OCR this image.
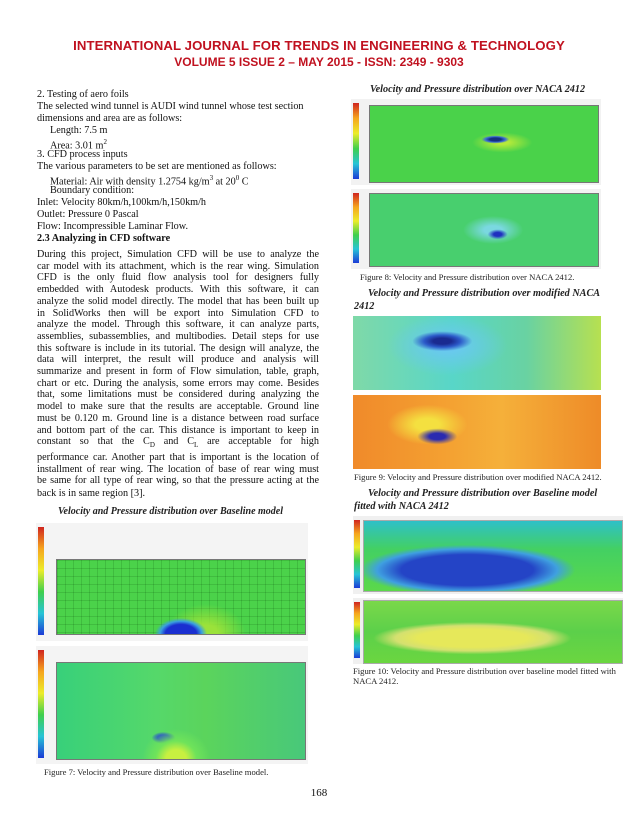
INTERNATIONAL JOURNAL FOR TRENDS IN ENGINEERING & TECHNOLOGY
VOLUME 5 ISSUE 2 – MAY 2015 - ISSN: 2349 - 9303
2. Testing of aero foils
The selected wind tunnel is AUDI wind tunnel whose test section
dimensions and area are as follows:
Length: 7.5 m
Area: 3.01 $m^2$
3. CFD process inputs
The various parameters to be set are mentioned as follows:
Material: Air with density 1.2754 $kg/m^3$ at $20^0$ C
Boundary condition:
Inlet: Velocity 80km/h,100km/h,150km/h
Outlet: Pressure 0 Pascal
Flow: Incompressible Laminar Flow.
2.3 Analyzing in CFD software
During this project, Simulation CFD will be use to analyze the
car model with its attachment, which is the rear wing. Simulation
CFD is the only fluid flow analysis tool for designers fully
embedded with Autodesk products. With this software, it can
analyze the solid model directly. The model that has been built up
in SolidWorks then will be export into Simulation CFD to
analyze the model. Through this software, it can analyze parts,
assemblies, subassemblies, and multibodies. Detail steps for use
this software is include in its tutorial. The design will analyze, the
data will interpret, the result will produce and analysis will
summarize and present in form of Flow simulation, table, graph,
chart or etc. During the analysis, some errors may come. Besides
that, some limitations must be considered during analyzing the
model to make sure that the results are acceptable. Ground line
must be 0.120 m. Ground line is a distance between road surface
and bottom part of the car. This distance is important to keep in
constant so that the $C_D$ and $C_L$ are acceptable for high
performance car. Another part that is important is the location of
installment of rear wing. The location of base of rear wing must
be same for all type of rear wing, so that the pressure acting at the
back is in same region [3].
Velocity and Pressure distribution over Baseline model
Figure 7: Velocity and Pressure distribution over Baseline model.
Velocity and Pressure distribution over NACA 2412
Figure 8: Velocity and Pressure distribution over NACA 2412.
Velocity and Pressure distribution over modified NACA
2412
Figure 9: Velocity and Pressure distribution over modified NACA 2412.
Velocity and Pressure distribution over Baseline model
fitted with NACA 2412
Figure 10: Velocity and Pressure distribution over baseline model fitted with
NACA 2412.
168
